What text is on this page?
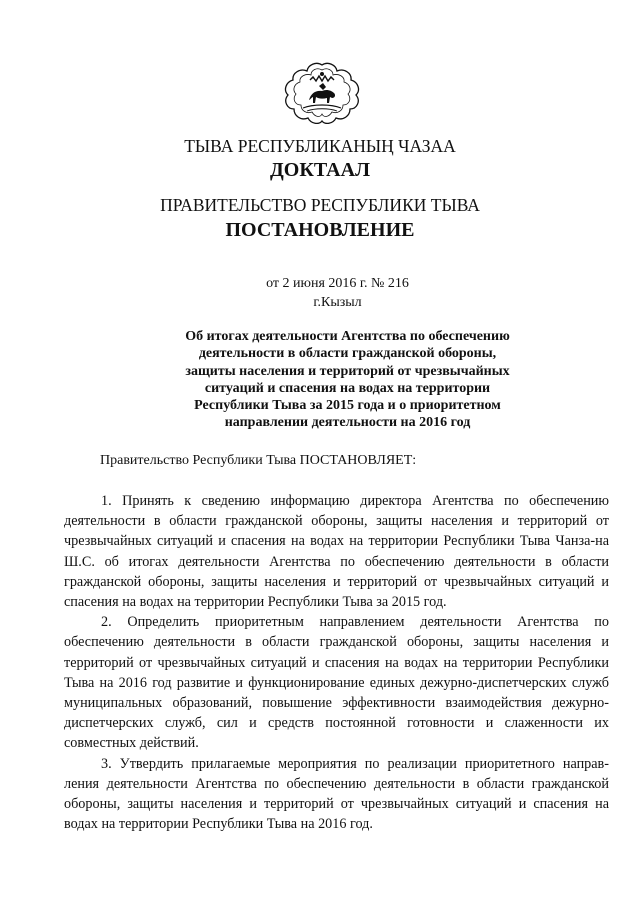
ТЫВА РЕСПУБЛИКАНЫҢ ЧАЗАА
ДОКТААЛ
ПРАВИТЕЛЬСТВО РЕСПУБЛИКИ ТЫВА
ПОСТАНОВЛЕНИЕ
от 2 июня 2016 г. № 216
г.Кызыл
Об итогах деятельности Агентства по обеспечению
деятельности в области гражданской обороны,
защиты населения и территорий от чрезвычайных
ситуаций и спасения на водах на территории
Республики Тыва за 2015 года и о приоритетном
направлении деятельности на 2016 год
Правительство Республики Тыва ПОСТАНОВЛЯЕТ:

1. Принять к сведению информацию директора Агентства по обеспечению деятельности в области гражданской обороны, защиты населения и территорий от чрезвычайных ситуаций и спасения на водах на территории Республики Тыва Чанза-на Ш.С. об итогах деятельности Агентства по обеспечению деятельности в области гражданской обороны, защиты населения и территорий от чрезвычайных ситуаций и спасения на водах на территории Республики Тыва за 2015 год.

2. Определить приоритетным направлением деятельности Агентства по обеспечению деятельности в области гражданской обороны, защиты населения и территорий от чрезвычайных ситуаций и спасения на водах на территории Республики Тыва на 2016 год развитие и функционирование единых дежурно-диспетчерских служб муниципальных образований, повышение эффективности взаимодействия дежурно-диспетчерских служб, сил и средств постоянной готовности и слаженности их совместных действий.

3. Утвердить прилагаемые мероприятия по реализации приоритетного направ-ления деятельности Агентства по обеспечению деятельности в области гражданской обороны, защиты населения и территорий от чрезвычайных ситуаций и спасения на водах на территории Республики Тыва на 2016 год.
